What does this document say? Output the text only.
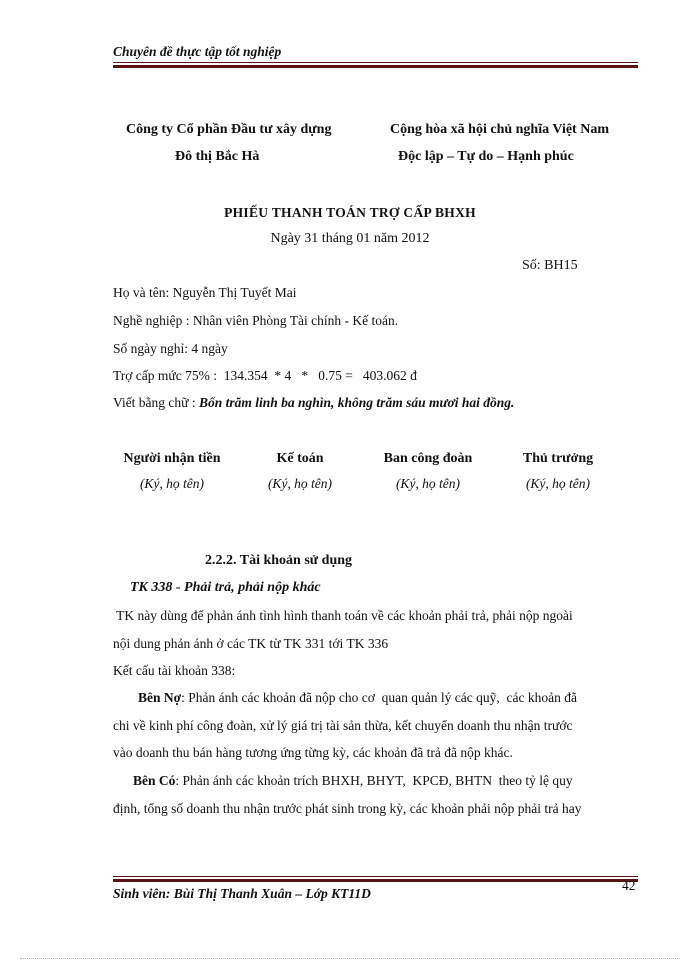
Chuyên đề thực tập tốt nghiệp
Công ty Cổ phần Đầu tư xây dựng
Đô thị Bắc Hà
Cộng hòa xã hội chủ nghĩa Việt Nam
Độc lập – Tự do – Hạnh phúc
PHIẾU THANH TOÁN TRỢ CẤP BHXH
Ngày 31 tháng 01 năm 2012
Số: BH15
Họ và tên: Nguyễn Thị Tuyết Mai
Nghề nghiệp : Nhân viên Phòng Tài chính - Kế toán.
Số ngày nghỉ: 4 ngày
Trợ cấp mức 75% :  134.354  * 4   *   0.75 =   403.062 đ
Viết bằng chữ : Bốn trăm linh ba nghìn, không trăm sáu mươi hai đồng.
Người nhận tiền
(Ký, họ tên)
Kế toán
(Ký, họ tên)
Ban công đoàn
(Ký, họ tên)
Thủ trưởng
(Ký, họ tên)
2.2.2. Tài khoản sử dụng
TK 338 - Phải trả, phải nộp khác
TK này dùng để phản ánh tình hình thanh toán về các khoản phải trả, phải nộp ngoài
nội dung phản ánh ở các TK từ TK 331 tới TK 336
Kết cấu tài khoản 338:
Bên Nợ: Phản ánh các khoản đã nộp cho cơ  quan quản lý các quỹ,  các khoản đã
chi về kinh phí công đoàn, xử lý giá trị tài sản thừa, kết chuyển doanh thu nhận trước
vào doanh thu bán hàng tương ứng từng kỳ, các khoản đã trả đã nộp khác.
Bên Có: Phản ánh các khoản trích BHXH, BHYT,  KPCĐ, BHTN  theo tỷ lệ quy
định, tổng số doanh thu nhận trước phát sinh trong kỳ, các khoản phải nộp phải trả hay
42
Sinh viên: Bùi Thị Thanh Xuân – Lớp KT11D
